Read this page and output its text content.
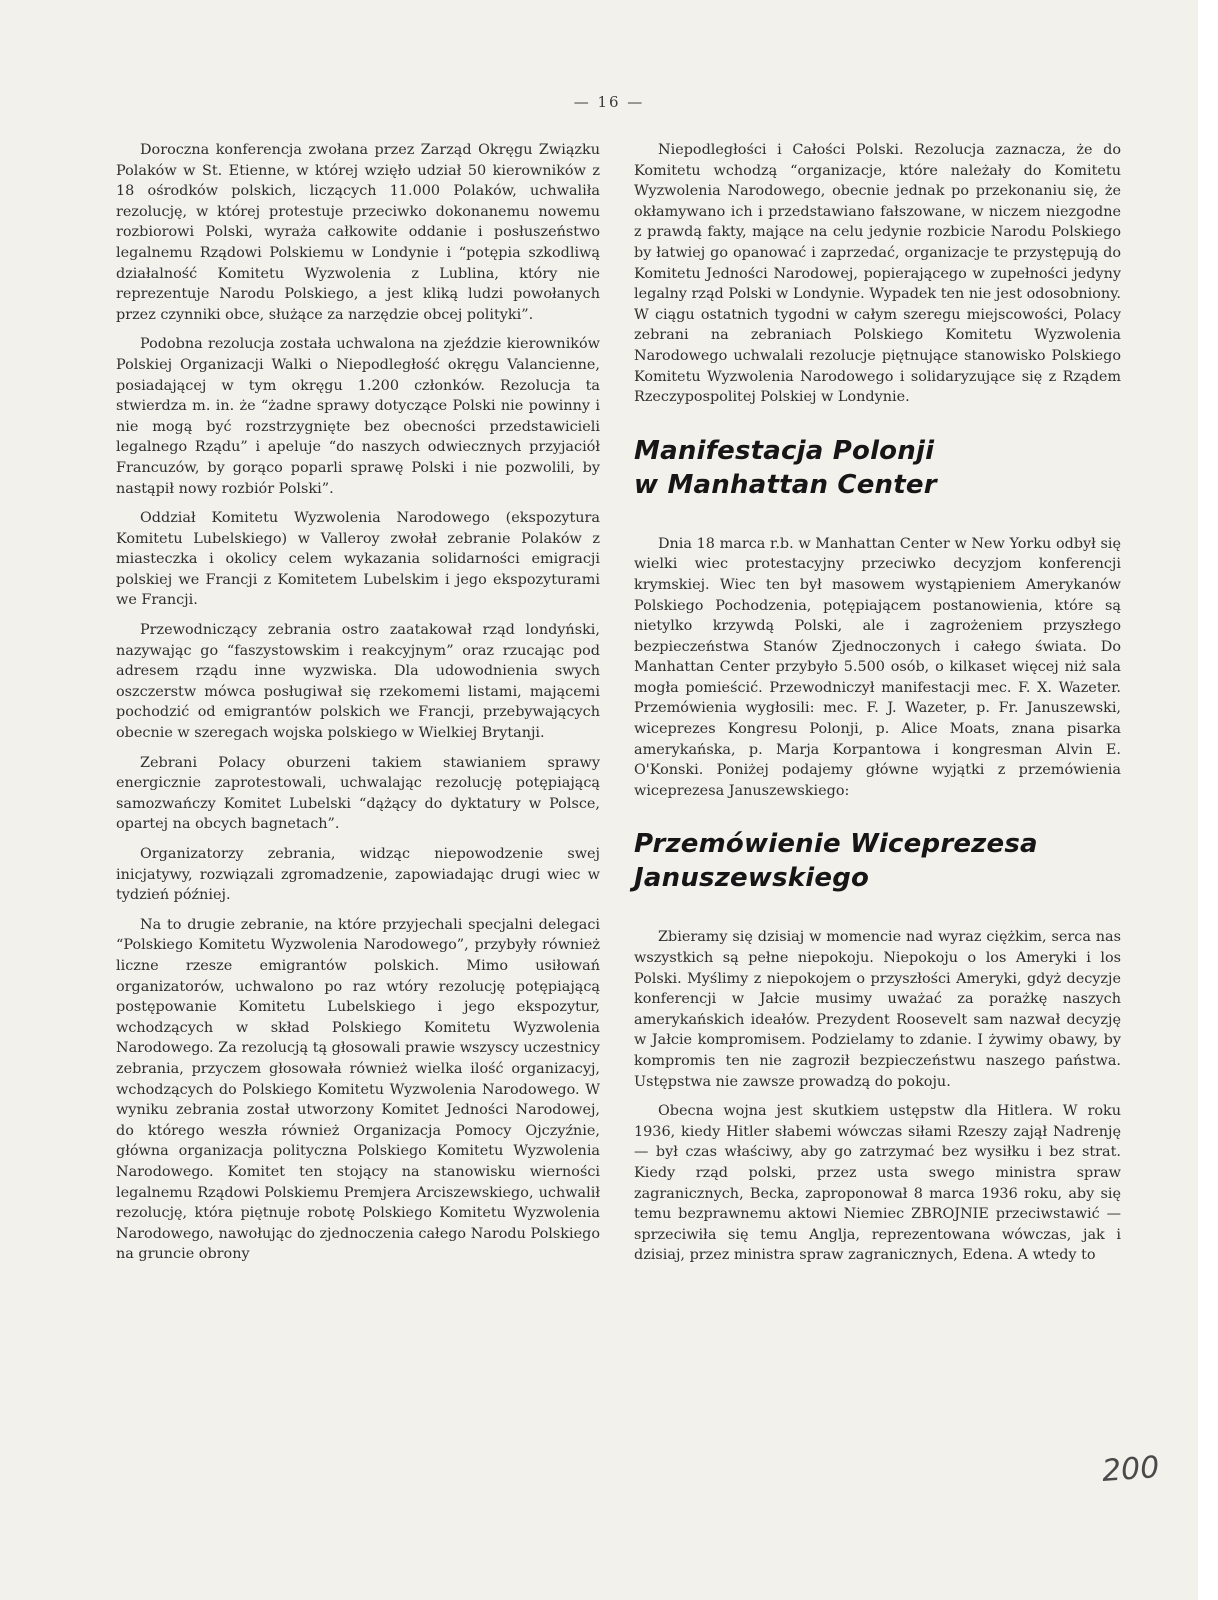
— 16 —

Doroczna konferencja zwołana przez Zarząd Okręgu Związku Polaków w St. Etienne, w której wzięło udział 50 kierowników z 18 ośrodków polskich, liczących 11.000 Polaków, uchwaliła rezolucję, w której protestuje przeciwko dokonanemu nowemu rozbiorowi Polski, wyraża całkowite oddanie i posłuszeństwo legalnemu Rządowi Polskiemu w Londynie i “potępia szkodliwą działalność Komitetu Wyzwolenia z Lublina, który nie reprezentuje Narodu Polskiego, a jest kliką ludzi powołanych przez czynniki obce, służące za narzędzie obcej polityki”.

Podobna rezolucja została uchwalona na zjeździe kierowników Polskiej Organizacji Walki o Niepodległość okręgu Valancienne, posiadającej w tym okręgu 1.200 członków. Rezolucja ta stwierdza m. in. że “żadne sprawy dotyczące Polski nie powinny i nie mogą być rozstrzygnięte bez obecności przedstawicieli legalnego Rządu” i apeluje “do naszych odwiecznych przyjaciół Francuzów, by gorąco poparli sprawę Polski i nie pozwolili, by nastąpił nowy rozbiór Polski”.

Oddział Komitetu Wyzwolenia Narodowego (ekspozytura Komitetu Lubelskiego) w Valleroy zwołał zebranie Polaków z miasteczka i okolicy celem wykazania solidarności emigracji polskiej we Francji z Komitetem Lubelskim i jego ekspozyturami we Francji.

Przewodniczący zebrania ostro zaatakował rząd londyński, nazywając go “faszystowskim i reakcyjnym” oraz rzucając pod adresem rządu inne wyzwiska. Dla udowodnienia swych oszczerstw mówca posługiwał się rzekomemi listami, mającemi pochodzić od emigrantów polskich we Francji, przebywających obecnie w szeregach wojska polskiego w Wielkiej Brytanji.

Zebrani Polacy oburzeni takiem stawianiem sprawy energicznie zaprotestowali, uchwalając rezolucję potępiającą samozwańczy Komitet Lubelski “dążący do dyktatury w Polsce, opartej na obcych bagnetach”.

Organizatorzy zebrania, widząc niepowodzenie swej inicjatywy, rozwiązali zgromadzenie, zapowiadając drugi wiec w tydzień później.

Na to drugie zebranie, na które przyjechali specjalni delegaci “Polskiego Komitetu Wyzwolenia Narodowego”, przybyły również liczne rzesze emigrantów polskich. Mimo usiłowań organizatorów, uchwalono po raz wtóry rezolucję potępiającą postępowanie Komitetu Lubelskiego i jego ekspozytur, wchodzących w skład Polskiego Komitetu Wyzwolenia Narodowego. Za rezolucją tą głosowali prawie wszyscy uczestnicy zebrania, przyczem głosowała również wielka ilość organizacyj, wchodzących do Polskiego Komitetu Wyzwolenia Narodowego. W wyniku zebrania został utworzony Komitet Jedności Narodowej, do którego weszła również Organizacja Pomocy Ojczyźnie, główna organizacja polityczna Polskiego Komitetu Wyzwolenia Narodowego. Komitet ten stojący na stanowisku wierności legalnemu Rządowi Polskiemu Premjera Arciszewskiego, uchwalił rezolucję, która piętnuje robotę Polskiego Komitetu Wyzwolenia Narodowego, nawołując do zjednoczenia całego Narodu Polskiego na gruncie obrony

Niepodległości i Całości Polski. Rezolucja zaznacza, że do Komitetu wchodzą “organizacje, które należały do Komitetu Wyzwolenia Narodowego, obecnie jednak po przekonaniu się, że okłamywano ich i przedstawiano fałszowane, w niczem niezgodne z prawdą fakty, mające na celu jedynie rozbicie Narodu Polskiego by łatwiej go opanować i zaprzedać, organizacje te przystępują do Komitetu Jedności Narodowej, popierającego w zupełności jedyny legalny rząd Polski w Londynie. Wypadek ten nie jest odosobniony. W ciągu ostatnich tygodni w całym szeregu miejscowości, Polacy zebrani na zebraniach Polskiego Komitetu Wyzwolenia Narodowego uchwalali rezolucje piętnujące stanowisko Polskiego Komitetu Wyzwolenia Narodowego i solidaryzujące się z Rządem Rzeczypospolitej Polskiej w Londynie.

Manifestacja Polonji
w Manhattan Center

Dnia 18 marca r.b. w Manhattan Center w New Yorku odbył się wielki wiec protestacyjny przeciwko decyzjom konferencji krymskiej. Wiec ten był masowem wystąpieniem Amerykanów Polskiego Pochodzenia, potępiającem postanowienia, które są nietylko krzywdą Polski, ale i zagrożeniem przyszłego bezpieczeństwa Stanów Zjednoczonych i całego świata. Do Manhattan Center przybyło 5.500 osób, o kilkaset więcej niż sala mogła pomieścić. Przewodniczył manifestacji mec. F. X. Wazeter. Przemówienia wygłosili: mec. F. J. Wazeter, p. Fr. Januszewski, wiceprezes Kongresu Polonji, p. Alice Moats, znana pisarka amerykańska, p. Marja Korpantowa i kongresman Alvin E. O'Konski. Poniżej podajemy główne wyjątki z przemówienia wiceprezesa Januszewskiego:

Przemówienie Wiceprezesa
Januszewskiego

Zbieramy się dzisiaj w momencie nad wyraz ciężkim, serca nas wszystkich są pełne niepokoju. Niepokoju o los Ameryki i los Polski. Myślimy z niepokojem o przyszłości Ameryki, gdyż decyzje konferencji w Jałcie musimy uważać za porażkę naszych amerykańskich ideałów. Prezydent Roosevelt sam nazwał decyzję w Jałcie kompromisem. Podzielamy to zdanie. I żywimy obawy, by kompromis ten nie zagroził bezpieczeństwu naszego państwa. Ustępstwa nie zawsze prowadzą do pokoju.

Obecna wojna jest skutkiem ustępstw dla Hitlera. W roku 1936, kiedy Hitler słabemi wówczas siłami Rzeszy zajął Nadrenję — był czas właściwy, aby go zatrzymać bez wysiłku i bez strat. Kiedy rząd polski, przez usta swego ministra spraw zagranicznych, Becka, zaproponował 8 marca 1936 roku, aby się temu bezprawnemu aktowi Niemiec ZBROJNIE przeciwstawić — sprzeciwiła się temu Anglja, reprezentowana wówczas, jak i dzisiaj, przez ministra spraw zagranicznych, Edena. A wtedy to

200
